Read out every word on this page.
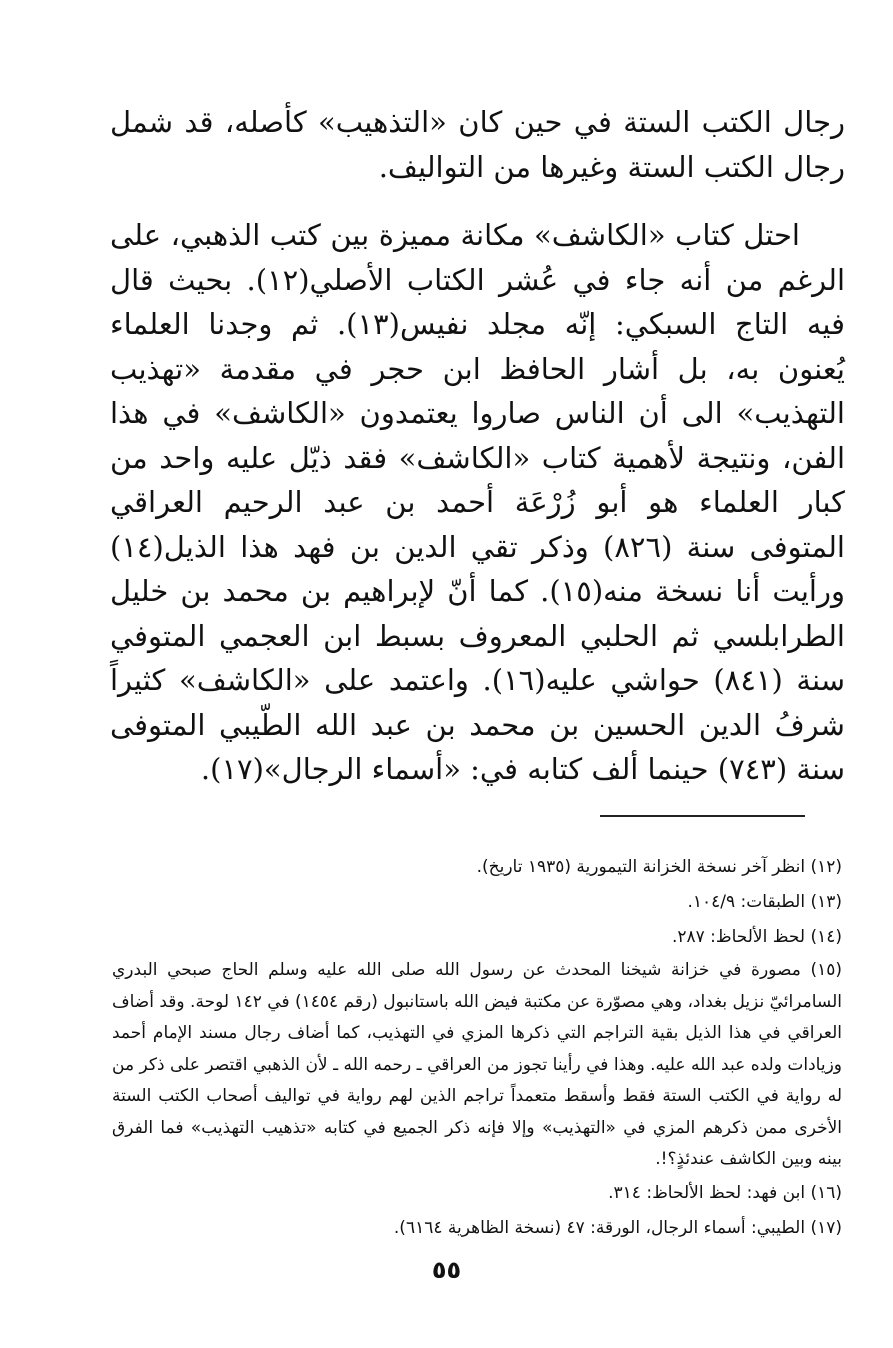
رجال الكتب الستة في حين كان «التذهيب» كأصله، قد شمل رجال الكتب الستة وغيرها من التواليف.

احتل كتاب «الكاشف» مكانة مميزة بين كتب الذهبي، على الرغم من أنه جاء في عُشر الكتاب الأصلي(١٢). بحيث قال فيه التاج السبكي: إنّه مجلد نفيس(١٣). ثم وجدنا العلماء يُعنون به، بل أشار الحافظ ابن حجر في مقدمة «تهذيب التهذيب» الى أن الناس صاروا يعتمدون «الكاشف» في هذا الفن، ونتيجة لأهمية كتاب «الكاشف» فقد ذيّل عليه واحد من كبار العلماء هو أبو زُرْعَة أحمد بن عبد الرحيم العراقي المتوفى سنة (٨٢٦) وذكر تقي الدين بن فهد هذا الذيل(١٤) ورأيت أنا نسخة منه(١٥). كما أنّ لإبراهيم بن محمد بن خليل الطرابلسي ثم الحلبي المعروف بسبط ابن العجمي المتوفي سنة (٨٤١) حواشي عليه(١٦). واعتمد على «الكاشف» كثيراً شرفُ الدين الحسين بن محمد بن عبد الله الطّيبي المتوفى سنة (٧٤٣) حينما ألف كتابه في: «أسماء الرجال»(١٧).

(١٢) انظر آخر نسخة الخزانة التيمورية (١٩٣٥ تاريخ).

(١٣) الطبقات: ١٠٤/٩.

(١٤) لحظ الألحاظ: ٢٨٧.

(١٥) مصورة في خزانة شيخنا المحدث عن رسول الله صلى الله عليه وسلم الحاج صبحي البدري السامرائيّ نزيل بغداد، وهي مصوّرة عن مكتبة فيض الله باستانبول (رقم ١٤٥٤) في ١٤٢ لوحة. وقد أضاف العراقي في هذا الذيل بقية التراجم التي ذكرها المزي في التهذيب، كما أضاف رجال مسند الإمام أحمد وزيادات ولده عبد الله عليه. وهذا في رأينا تجوز من العراقي ـ رحمه الله ـ لأن الذهبي اقتصر على ذكر من له رواية في الكتب الستة فقط وأسقط متعمداً تراجم الذين لهم رواية في تواليف أصحاب الكتب الستة الأخرى ممن ذكرهم المزي في «التهذيب» وإلا فإنه ذكر الجميع في كتابه «تذهيب التهذيب» فما الفرق بينه وبين الكاشف عندئذٍ؟!.

(١٦) ابن فهد: لحظ الألحاظ: ٣١٤.

(١٧) الطيبي: أسماء الرجال، الورقة: ٤٧ (نسخة الظاهرية ٦١٦٤).

٥٥
